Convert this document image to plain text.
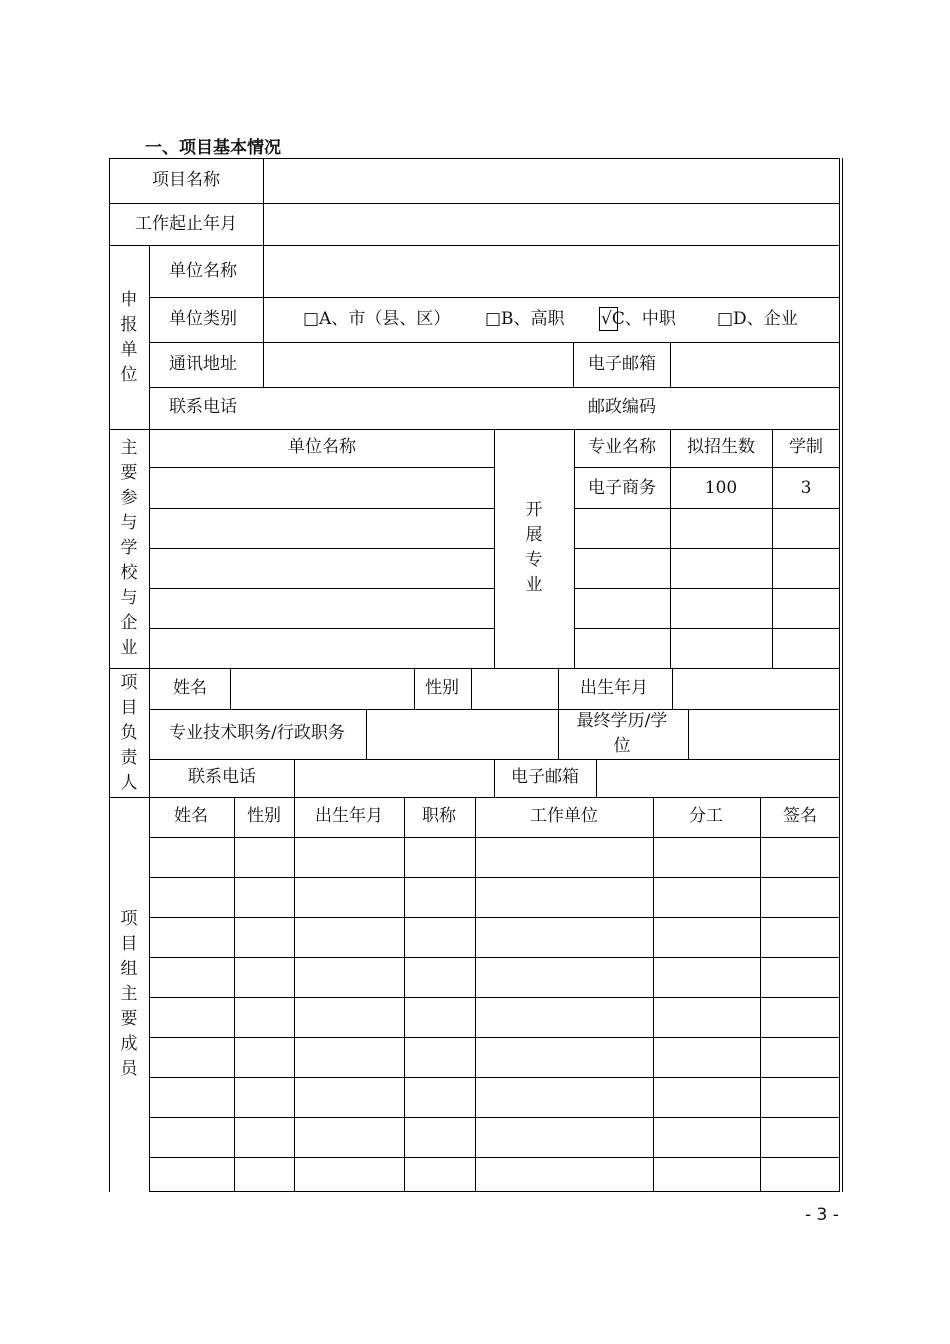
一、项目基本情况
项目名称
工作起止年月
申
报
单
位
单位名称
单位类别	□A、市（县、区） □B、高职 √C、中职 □D、企业
通讯地址	电子邮箱
联系电话	邮政编码
主
要
参
与
学
校
与
企
业
单位名称
开
展
专
业
专业名称 拟招生数 学制
电子商务	100	3
项
目
负
责
人
姓名	性别	出生年月
专业技术职务/行政职务
最终学历/学
位
联系电话	电子邮箱
项
目
组
主
要
成
员
姓名 性别 出生年月 职称	工作单位	分工	签名
- 3 -
